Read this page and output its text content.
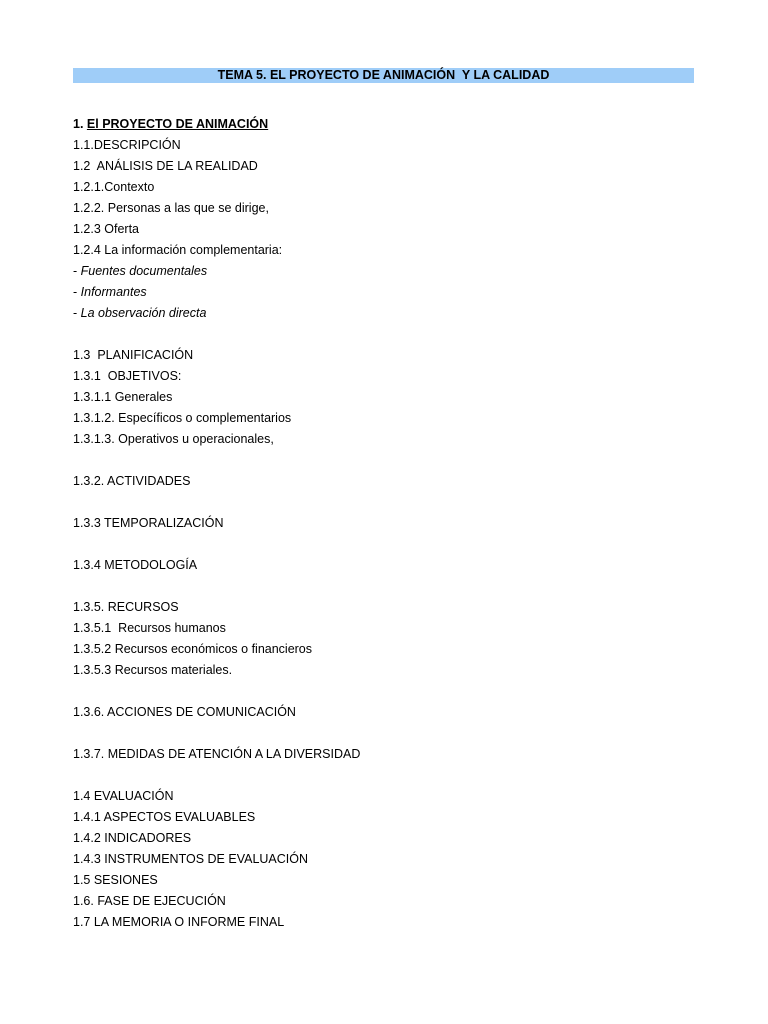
TEMA 5. EL PROYECTO DE ANIMACIÓN  Y LA CALIDAD
1. El PROYECTO DE ANIMACIÓN
1.1.DESCRIPCIÓN
1.2  ANÁLISIS DE LA REALIDAD
1.2.1.Contexto
1.2.2. Personas a las que se dirige,
1.2.3 Oferta
1.2.4 La información complementaria:
- Fuentes documentales
- Informantes
- La observación directa
1.3  PLANIFICACIÓN
1.3.1  OBJETIVOS:
1.3.1.1 Generales
1.3.1.2. Específicos o complementarios
1.3.1.3. Operativos u operacionales,
1.3.2. ACTIVIDADES
1.3.3 TEMPORALIZACIÓN
1.3.4 METODOLOGÍA
1.3.5. RECURSOS
1.3.5.1  Recursos humanos
1.3.5.2 Recursos económicos o financieros
1.3.5.3 Recursos materiales.
1.3.6. ACCIONES DE COMUNICACIÓN
1.3.7. MEDIDAS DE ATENCIÓN A LA DIVERSIDAD
1.4 EVALUACIÓN
1.4.1 ASPECTOS EVALUABLES
1.4.2 INDICADORES
1.4.3 INSTRUMENTOS DE EVALUACIÓN
1.5 SESIONES
1.6. FASE DE EJECUCIÓN
1.7 LA MEMORIA O INFORME FINAL
